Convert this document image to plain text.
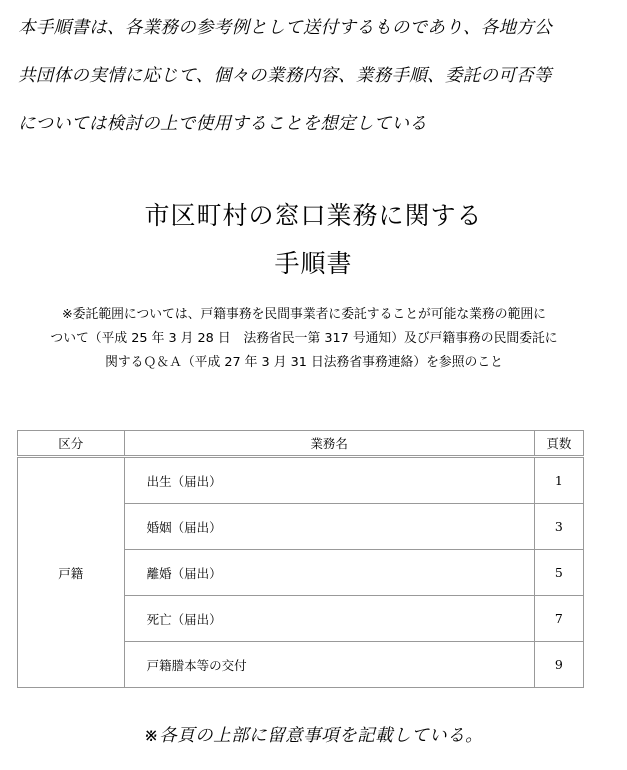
本手順書は、各業務の参考例として送付するものであり、各地方公
共団体の実情に応じて、個々の業務内容、業務手順、委託の可否等
については検討の上で使用することを想定している
市区町村の窓口業務に関する
手順書
※委託範囲については、戸籍事務を民間事業者に委託することが可能な業務の範囲に
ついて（平成 25 年 3 月 28 日　法務省民一第 317 号通知）及び戸籍事務の民間委託に
関するＱ＆Ａ（平成 27 年 3 月 31 日法務省事務連絡）を参照のこと
区分	業務名	頁数
戸籍	出生（届出）	1
	婚姻（届出）	3
	離婚（届出）	5
	死亡（届出）	7
	戸籍謄本等の交付	9
※各頁の上部に留意事項を記載している。
